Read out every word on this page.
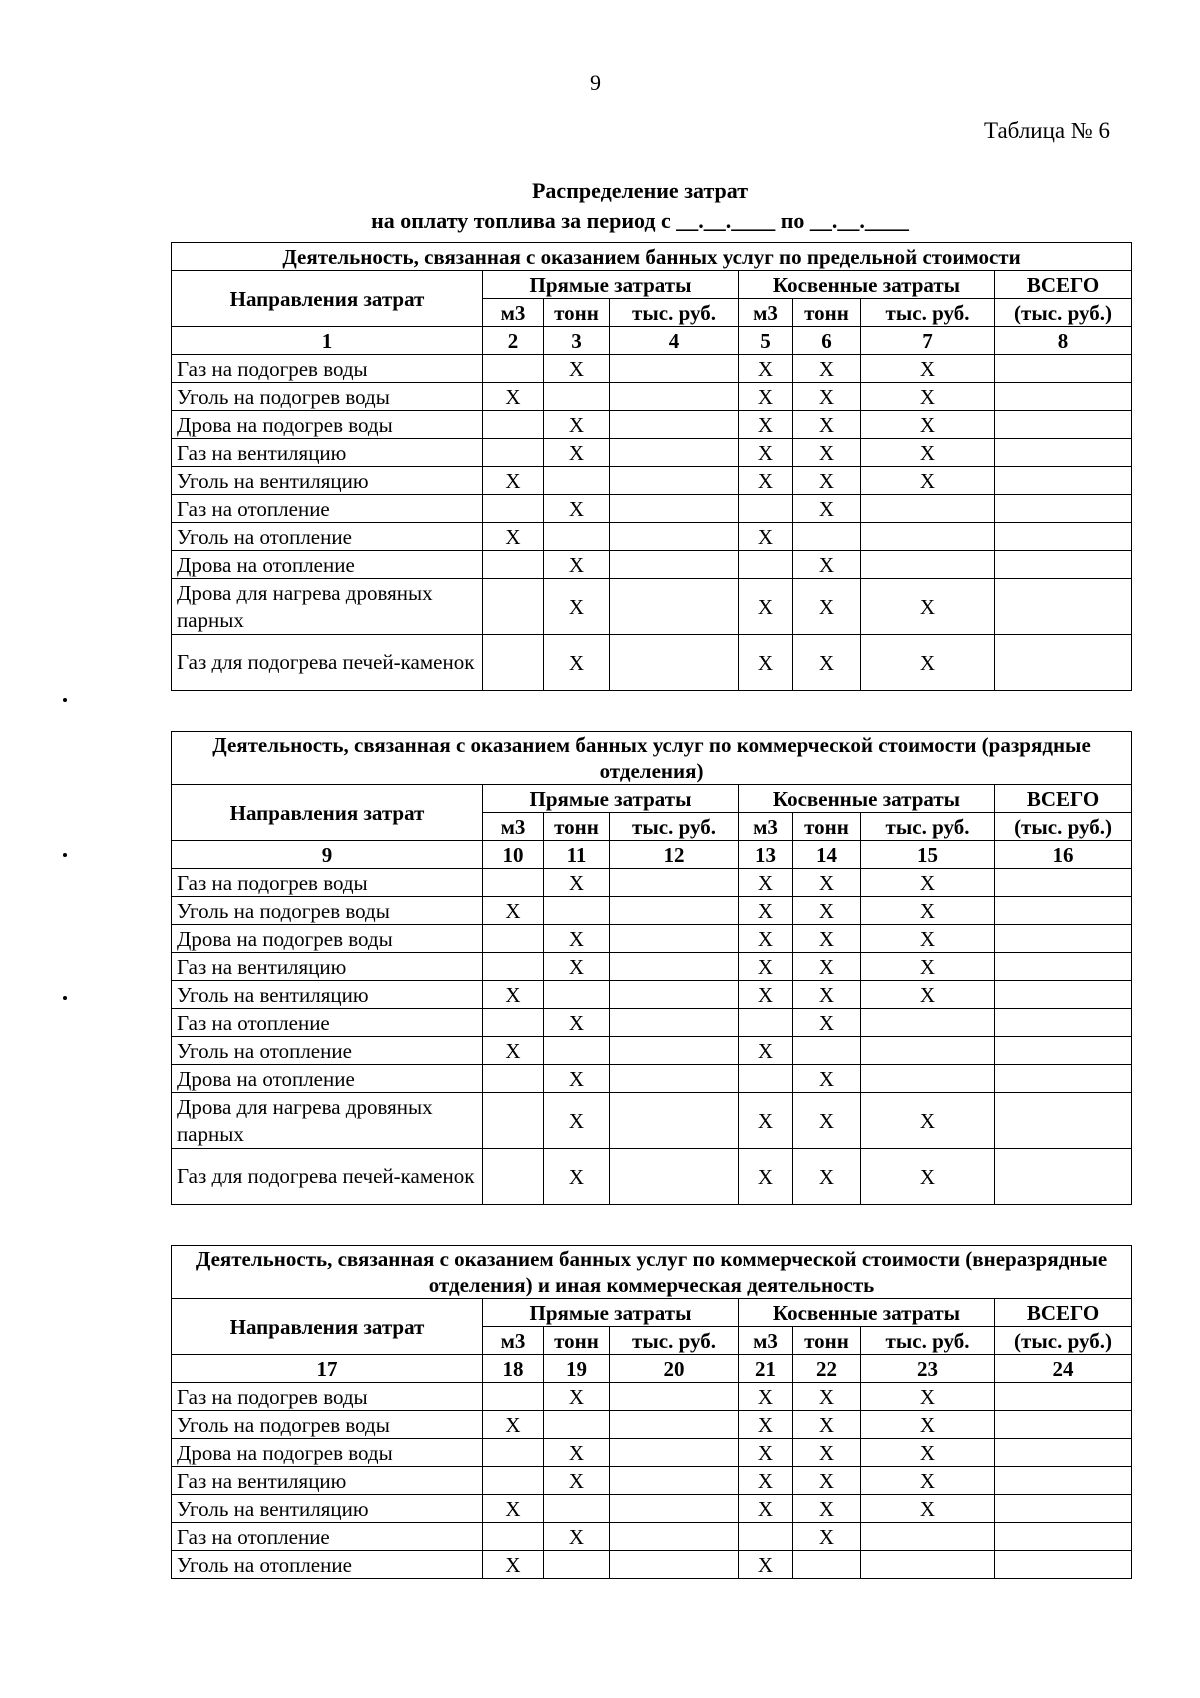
9
Таблица № 6
Распределение затрат
на оплату топлива за период с __.__.____ по __.__.____
Деятельность, связанная с оказанием банных услуг по предельной стоимости							
Направления затрат	Прямые затраты			Косвенные затраты			ВСЕГО
	м3	тонн	тыс. руб.	м3	тонн	тыс. руб.	(тыс. руб.)
1	2	3	4	5	6	7	8
Газ на подогрев воды		X		X	X	X	
Уголь на подогрев воды	X			X	X	X	
Дрова на подогрев воды		X		X	X	X	
Газ на вентиляцию		X		X	X	X	
Уголь на вентиляцию	X			X	X	X	
Газ на отопление		X			X		
Уголь на отопление	X			X			
Дрова на отопление		X			X		
Дрова для нагрева дровяных парных		X		X	X	X	
Газ для подогрева печей-каменок		X		X	X	X	
Деятельность, связанная с оказанием банных услуг по коммерческой стоимости (разрядные отделения)							
Направления затрат	Прямые затраты			Косвенные затраты			ВСЕГО
	м3	тонн	тыс. руб.	м3	тонн	тыс. руб.	(тыс. руб.)
9	10	11	12	13	14	15	16
Газ на подогрев воды		X		X	X	X	
Уголь на подогрев воды	X			X	X	X	
Дрова на подогрев воды		X		X	X	X	
Газ на вентиляцию		X		X	X	X	
Уголь на вентиляцию	X			X	X	X	
Газ на отопление		X			X		
Уголь на отопление	X			X			
Дрова на отопление		X			X		
Дрова для нагрева дровяных парных		X		X	X	X	
Газ для подогрева печей-каменок		X		X	X	X	
Деятельность, связанная с оказанием банных услуг по коммерческой стоимости (внеразрядные отделения) и иная коммерческая деятельность							
Направления затрат	Прямые затраты			Косвенные затраты			ВСЕГО
	м3	тонн	тыс. руб.	м3	тонн	тыс. руб.	(тыс. руб.)
17	18	19	20	21	22	23	24
Газ на подогрев воды		X		X	X	X	
Уголь на подогрев воды	X			X	X	X	
Дрова на подогрев воды		X		X	X	X	
Газ на вентиляцию		X		X	X	X	
Уголь на вентиляцию	X			X	X	X	
Газ на отопление		X			X		
Уголь на отопление	X			X			
